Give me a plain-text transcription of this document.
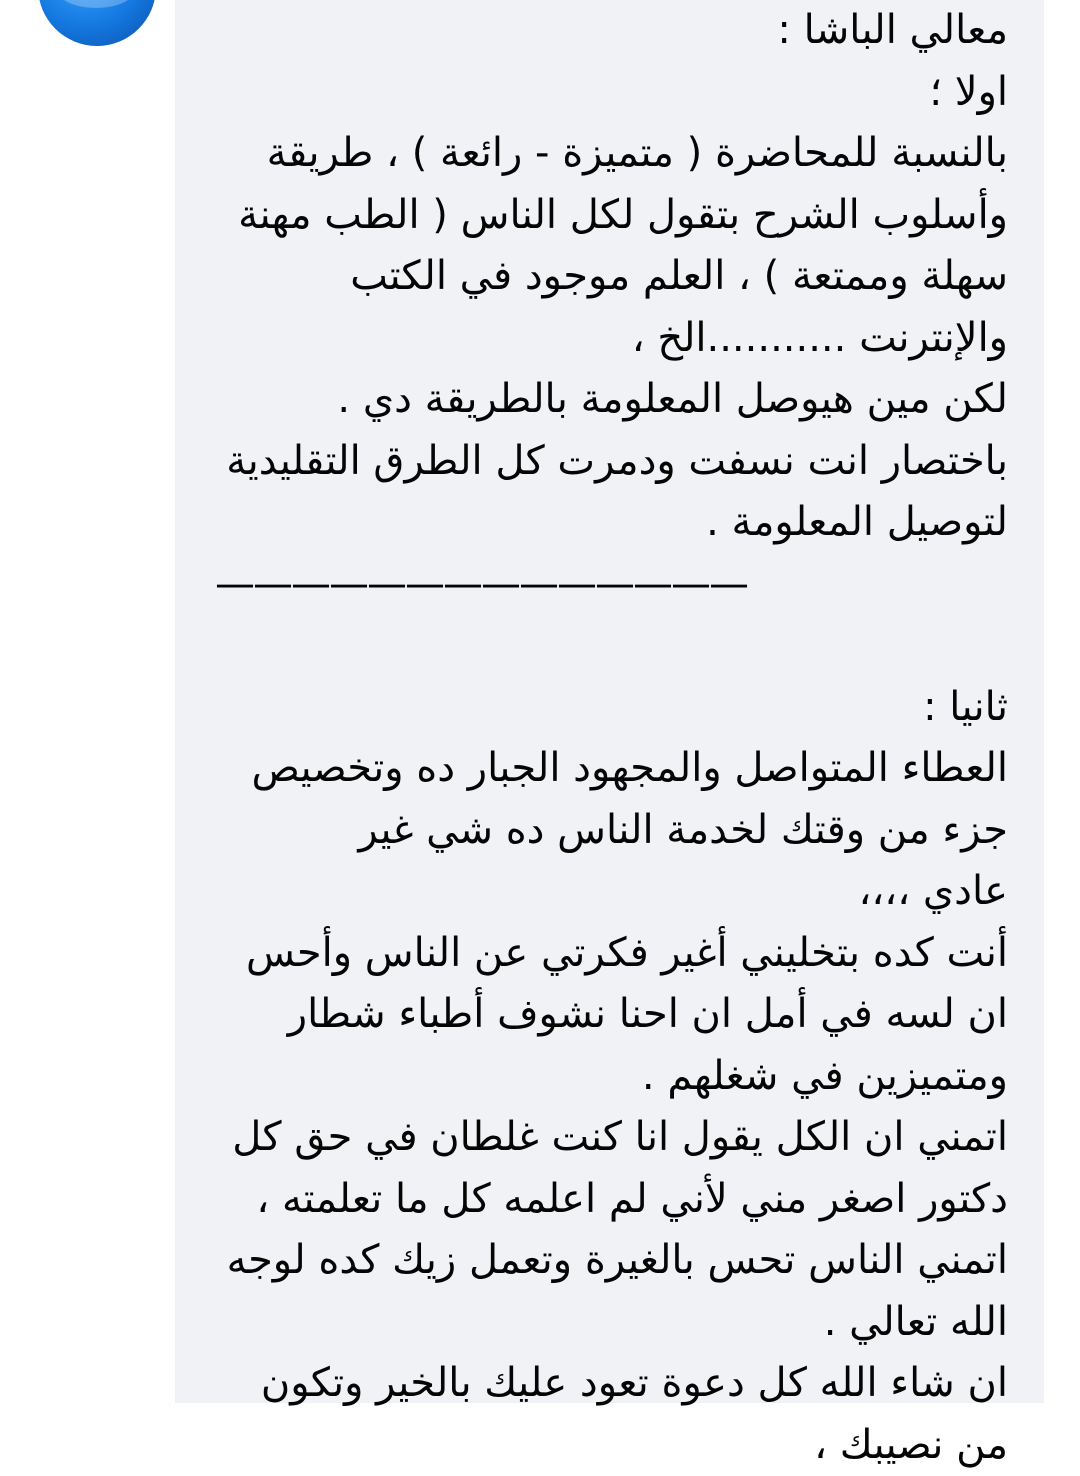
معالي الباشا :
اولا ؛
بالنسبة للمحاضرة ( متميزة - رائعة ) ، طريقة
وأسلوب الشرح بتقول لكل الناس ( الطب مهنة
سهلة وممتعة ) ، العلم موجود في الكتب
والإنترنت ...........الخ ،
لكن مين هيوصل المعلومة بالطريقة دي .
باختصار انت نسفت ودمرت كل الطرق التقليدية
لتوصيل المعلومة .
——————————————
ثانيا :
العطاء المتواصل والمجهود الجبار ده وتخصيص
جزء من وقتك لخدمة الناس ده شي غير
عادي ،،،،
أنت كده بتخليني أغير فكرتي عن الناس وأحس
ان لسه في أمل ان احنا نشوف أطباء شطار
ومتميزين في شغلهم .
اتمني ان الكل يقول انا كنت غلطان في حق كل
دكتور اصغر مني لأني لم اعلمه كل ما تعلمته ،
اتمني الناس تحس بالغيرة وتعمل زيك كده لوجه
الله تعالي .
ان شاء الله كل دعوة تعود عليك بالخير وتكون
من نصيبك ،
